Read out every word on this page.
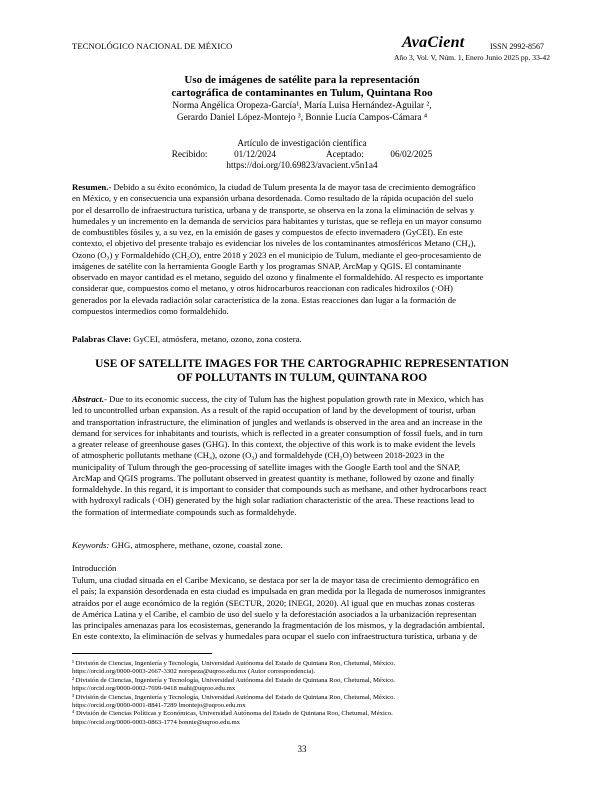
TECNOLÓGICO NACIONAL DE MÉXICO	AvaCient	ISSN 2992-8567
Año 3, Vol. V, Núm. 1, Enero Junio 2025 pp. 33-42
Uso de imágenes de satélite para la representación
cartográfica de contaminantes en Tulum, Quintana Roo
Norma Angélica Oropeza-García¹, María Luisa Hernández-Aguilar ²,
Gerardo Daniel López-Montejo ³, Bonnie Lucía Campos-Cámara ⁴
Artículo de investigación científica
Recibido:	01/12/2024	Aceptado:	06/02/2025
https://doi.org/10.69823/avacient.v5n1a4
Resumen.- Debido a su éxito económico, la ciudad de Tulum presenta la de mayor tasa de crecimiento demográfico
en México, y en consecuencia una expansión urbana desordenada. Como resultado de la rápida ocupación del suelo
por el desarrollo de infraestructura turística, urbana y de transporte, se observa en la zona la eliminación de selvas y
humedales y un incremento en la demanda de servicios para habitantes y turistas, que se refleja en un mayor consumo
de combustibles fósiles y, a su vez, en la emisión de gases y compuestos de efecto invernadero (GyCEI). En este
contexto, el objetivo del presente trabajo es evidenciar los niveles de los contaminantes atmosféricos Metano (CH₄),
Ozono (O₃) y Formaldehído (CH₂O), entre 2018 y 2023 en el municipio de Tulum, mediante el geo-procesamiento de
imágenes de satélite con la herramienta Google Earth y los programas SNAP, ArcMap y QGIS. El contaminante
observado en mayor cantidad es el metano, seguido del ozono y finalmente el formaldehído. Al respecto es importante
considerar que, compuestos como el metano, y otros hidrocarburos reaccionan con radicales hidroxilos (·OH)
generados por la elevada radiación solar característica de la zona. Estas reacciones dan lugar a la formación de
compuestos intermedios como formaldehído.
Palabras Clave: GyCEI, atmósfera, metano, ozono, zona costera.
USE OF SATELLITE IMAGES FOR THE CARTOGRAPHIC REPRESENTATION
OF POLLUTANTS IN TULUM, QUINTANA ROO
Abstract.- Due to its economic success, the city of Tulum has the highest population growth rate in Mexico, which has
led to uncontrolled urban expansion. As a result of the rapid occupation of land by the development of tourist, urban
and transportation infrastructure, the elimination of jungles and wetlands is observed in the area and an increase in the
demand for services for inhabitants and tourists, which is reflected in a greater consumption of fossil fuels, and in turn
a greater release of greenhouse gases (GHG). In this context, the objective of this work is to make evident the levels
of atmospheric pollutants methane (CH₄), ozone (O₃) and formaldehyde (CH₂O) between 2018-2023 in the
municipality of Tulum through the geo-processing of satellite images with the Google Earth tool and the SNAP,
ArcMap and QGIS programs. The pollutant observed in greatest quantity is methane, followed by ozone and finally
formaldehyde. In this regard, it is important to consider that compounds such as methane, and other hydrocarbons react
with hydroxyl radicals (·OH) generated by the high solar radiation characteristic of the area. These reactions lead to
the formation of intermediate compounds such as formaldehyde.
Keywords: GHG, atmosphere, methane, ozone, coastal zone.
Introducción
Tulum, una ciudad situada en el Caribe Mexicano, se destaca por ser la de mayor tasa de crecimiento demográfico en
el país; la expansión desordenada en esta ciudad es impulsada en gran medida por la llegada de numerosos inmigrantes
atraídos por el auge económico de la región (SECTUR, 2020; INEGI, 2020). Al igual que en muchas zonas costeras
de América Latina y el Caribe, el cambio de uso del suelo y la deforestación asociados a la urbanización representan
las principales amenazas para los ecosistemas, generando la fragmentación de los mismos, y la degradación ambiental.
En este contexto, la eliminación de selvas y humedales para ocupar el suelo con infraestructura turística, urbana y de
¹ División de Ciencias, Ingeniería y Tecnología, Universidad Autónoma del Estado de Quintana Roo, Chetumal, México.
https://orcid.org/0000-0003-2667-3302 noropeza@uqroo.edu.mx (Autor correspondencia).
² División de Ciencias, Ingeniería y Tecnología, Universidad Autónoma del Estado de Quintana Roo, Chetumal, México.
https://orcid.org/0000-0002-7699-9418 mahi@uqroo.edu.mx
³ División de Ciencias, Ingeniería y Tecnología, Universidad Autónoma del Estado de Quintana Roo, Chetumal, México.
https://orcid.org/0000-0001-8841-7289 lmontejo@uqroo.edu.mx
⁴ División de Ciencias Políticas y Económicas, Universidad Autónoma del Estado de Quintana Roo, Chetumal, México.
https://orcid.org/0000-0003-0863-1774 bonnie@uqroo.edu.mx
33
